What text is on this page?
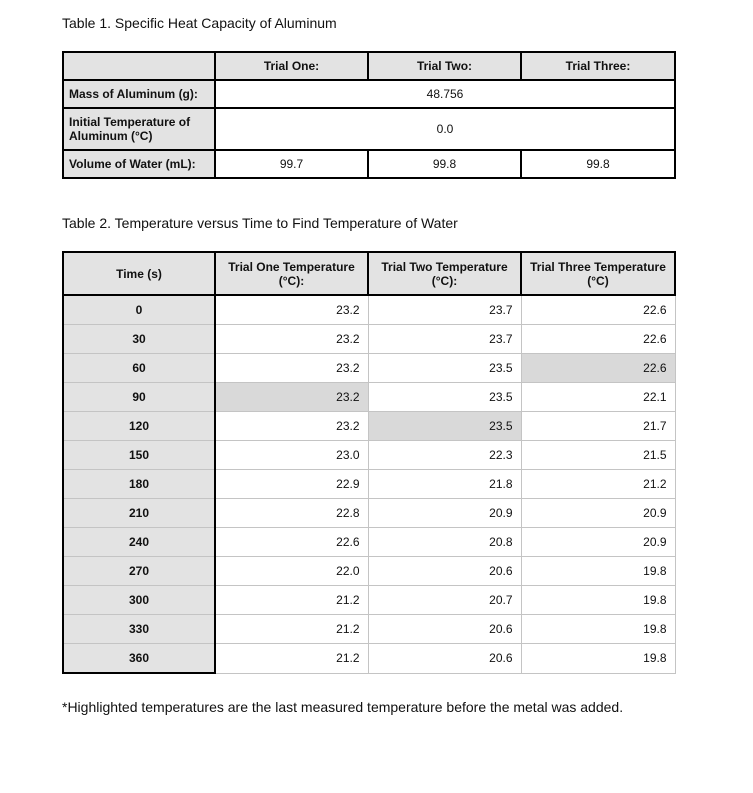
Table 1. Specific Heat Capacity of Aluminum

	Trial One:	Trial Two:	Trial Three:
Mass of Aluminum (g):	48.756		
Initial Temperature of Aluminum (°C)	0.0		
Volume of Water (mL):	99.7	99.8	99.8

Table 2. Temperature versus Time to Find Temperature of Water

Time (s)	Trial One Temperature (°C):	Trial Two Temperature (°C):	Trial Three Temperature (°C)
0	23.2	23.7	22.6
30	23.2	23.7	22.6
60	23.2	23.5	22.6
90	23.2	23.5	22.1
120	23.2	23.5	21.7
150	23.0	22.3	21.5
180	22.9	21.8	21.2
210	22.8	20.9	20.9
240	22.6	20.8	20.9
270	22.0	20.6	19.8
300	21.2	20.7	19.8
330	21.2	20.6	19.8
360	21.2	20.6	19.8

*Highlighted temperatures are the last measured temperature before the metal was added.
